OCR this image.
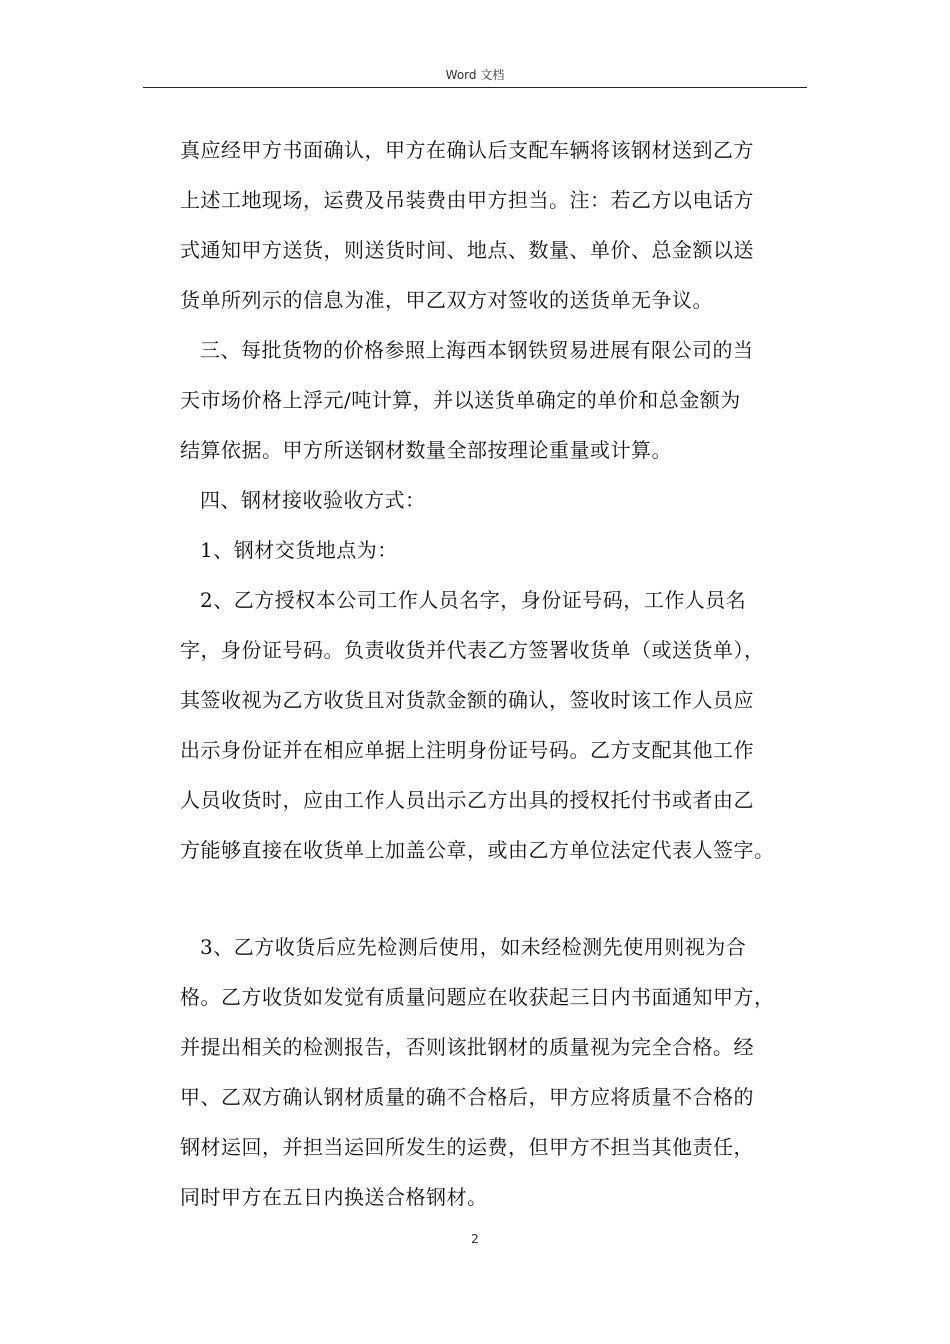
Word 文档
真应经甲方书面确认，甲方在确认后支配车辆将该钢材送到乙方
上述工地现场，运费及吊装费由甲方担当。注：若乙方以电话方
式通知甲方送货，则送货时间、地点、数量、单价、总金额以送
货单所列示的信息为准，甲乙双方对签收的送货单无争议。
三、每批货物的价格参照上海西本钢铁贸易进展有限公司的当
天市场价格上浮元/吨计算，并以送货单确定的单价和总金额为
结算依据。甲方所送钢材数量全部按理论重量或计算。
四、钢材接收验收方式：
1、钢材交货地点为：
2、乙方授权本公司工作人员名字，身份证号码，工作人员名
字，身份证号码。负责收货并代表乙方签署收货单（或送货单），
其签收视为乙方收货且对货款金额的确认，签收时该工作人员应
出示身份证并在相应单据上注明身份证号码。乙方支配其他工作
人员收货时，应由工作人员出示乙方出具的授权托付书或者由乙
方能够直接在收货单上加盖公章，或由乙方单位法定代表人签字。
3、乙方收货后应先检测后使用，如未经检测先使用则视为合
格。乙方收货如发觉有质量问题应在收获起三日内书面通知甲方，
并提出相关的检测报告，否则该批钢材的质量视为完全合格。经
甲、乙双方确认钢材质量的确不合格后，甲方应将质量不合格的
钢材运回，并担当运回所发生的运费，但甲方不担当其他责任，
同时甲方在五日内换送合格钢材。
2
